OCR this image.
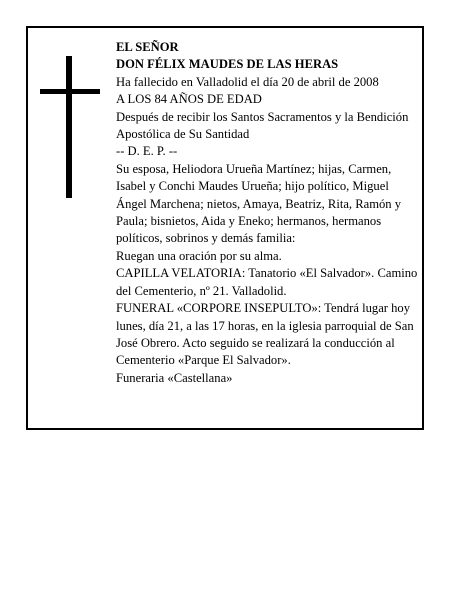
EL SEÑOR

DON FÉLIX MAUDES DE LAS HERAS

Ha fallecido en Valladolid el día 20 de abril de 2008

A LOS 84 AÑOS DE EDAD

Después de recibir los Santos Sacramentos y la Bendición Apostólica de Su Santidad

-- D. E. P. --

Su esposa, Heliodora Urueña Martínez; hijas, Carmen, Isabel y Conchi Maudes Urueña; hijo político, Miguel Ángel Marchena; nietos, Amaya, Beatriz, Rita, Ramón y Paula; bisnietos, Aida y Eneko; hermanos, hermanos políticos, sobrinos y demás familia:

Ruegan una oración por su alma.

CAPILLA VELATORIA: Tanatorio «El Salvador». Camino del Cementerio, nº 21. Valladolid.

FUNERAL «CORPORE INSEPULTO»: Tendrá lugar hoy lunes, día 21, a las 17 horas, en la iglesia parroquial de San José Obrero. Acto seguido se realizará la conducción al Cementerio «Parque El Salvador».

Funeraria «Castellana»
